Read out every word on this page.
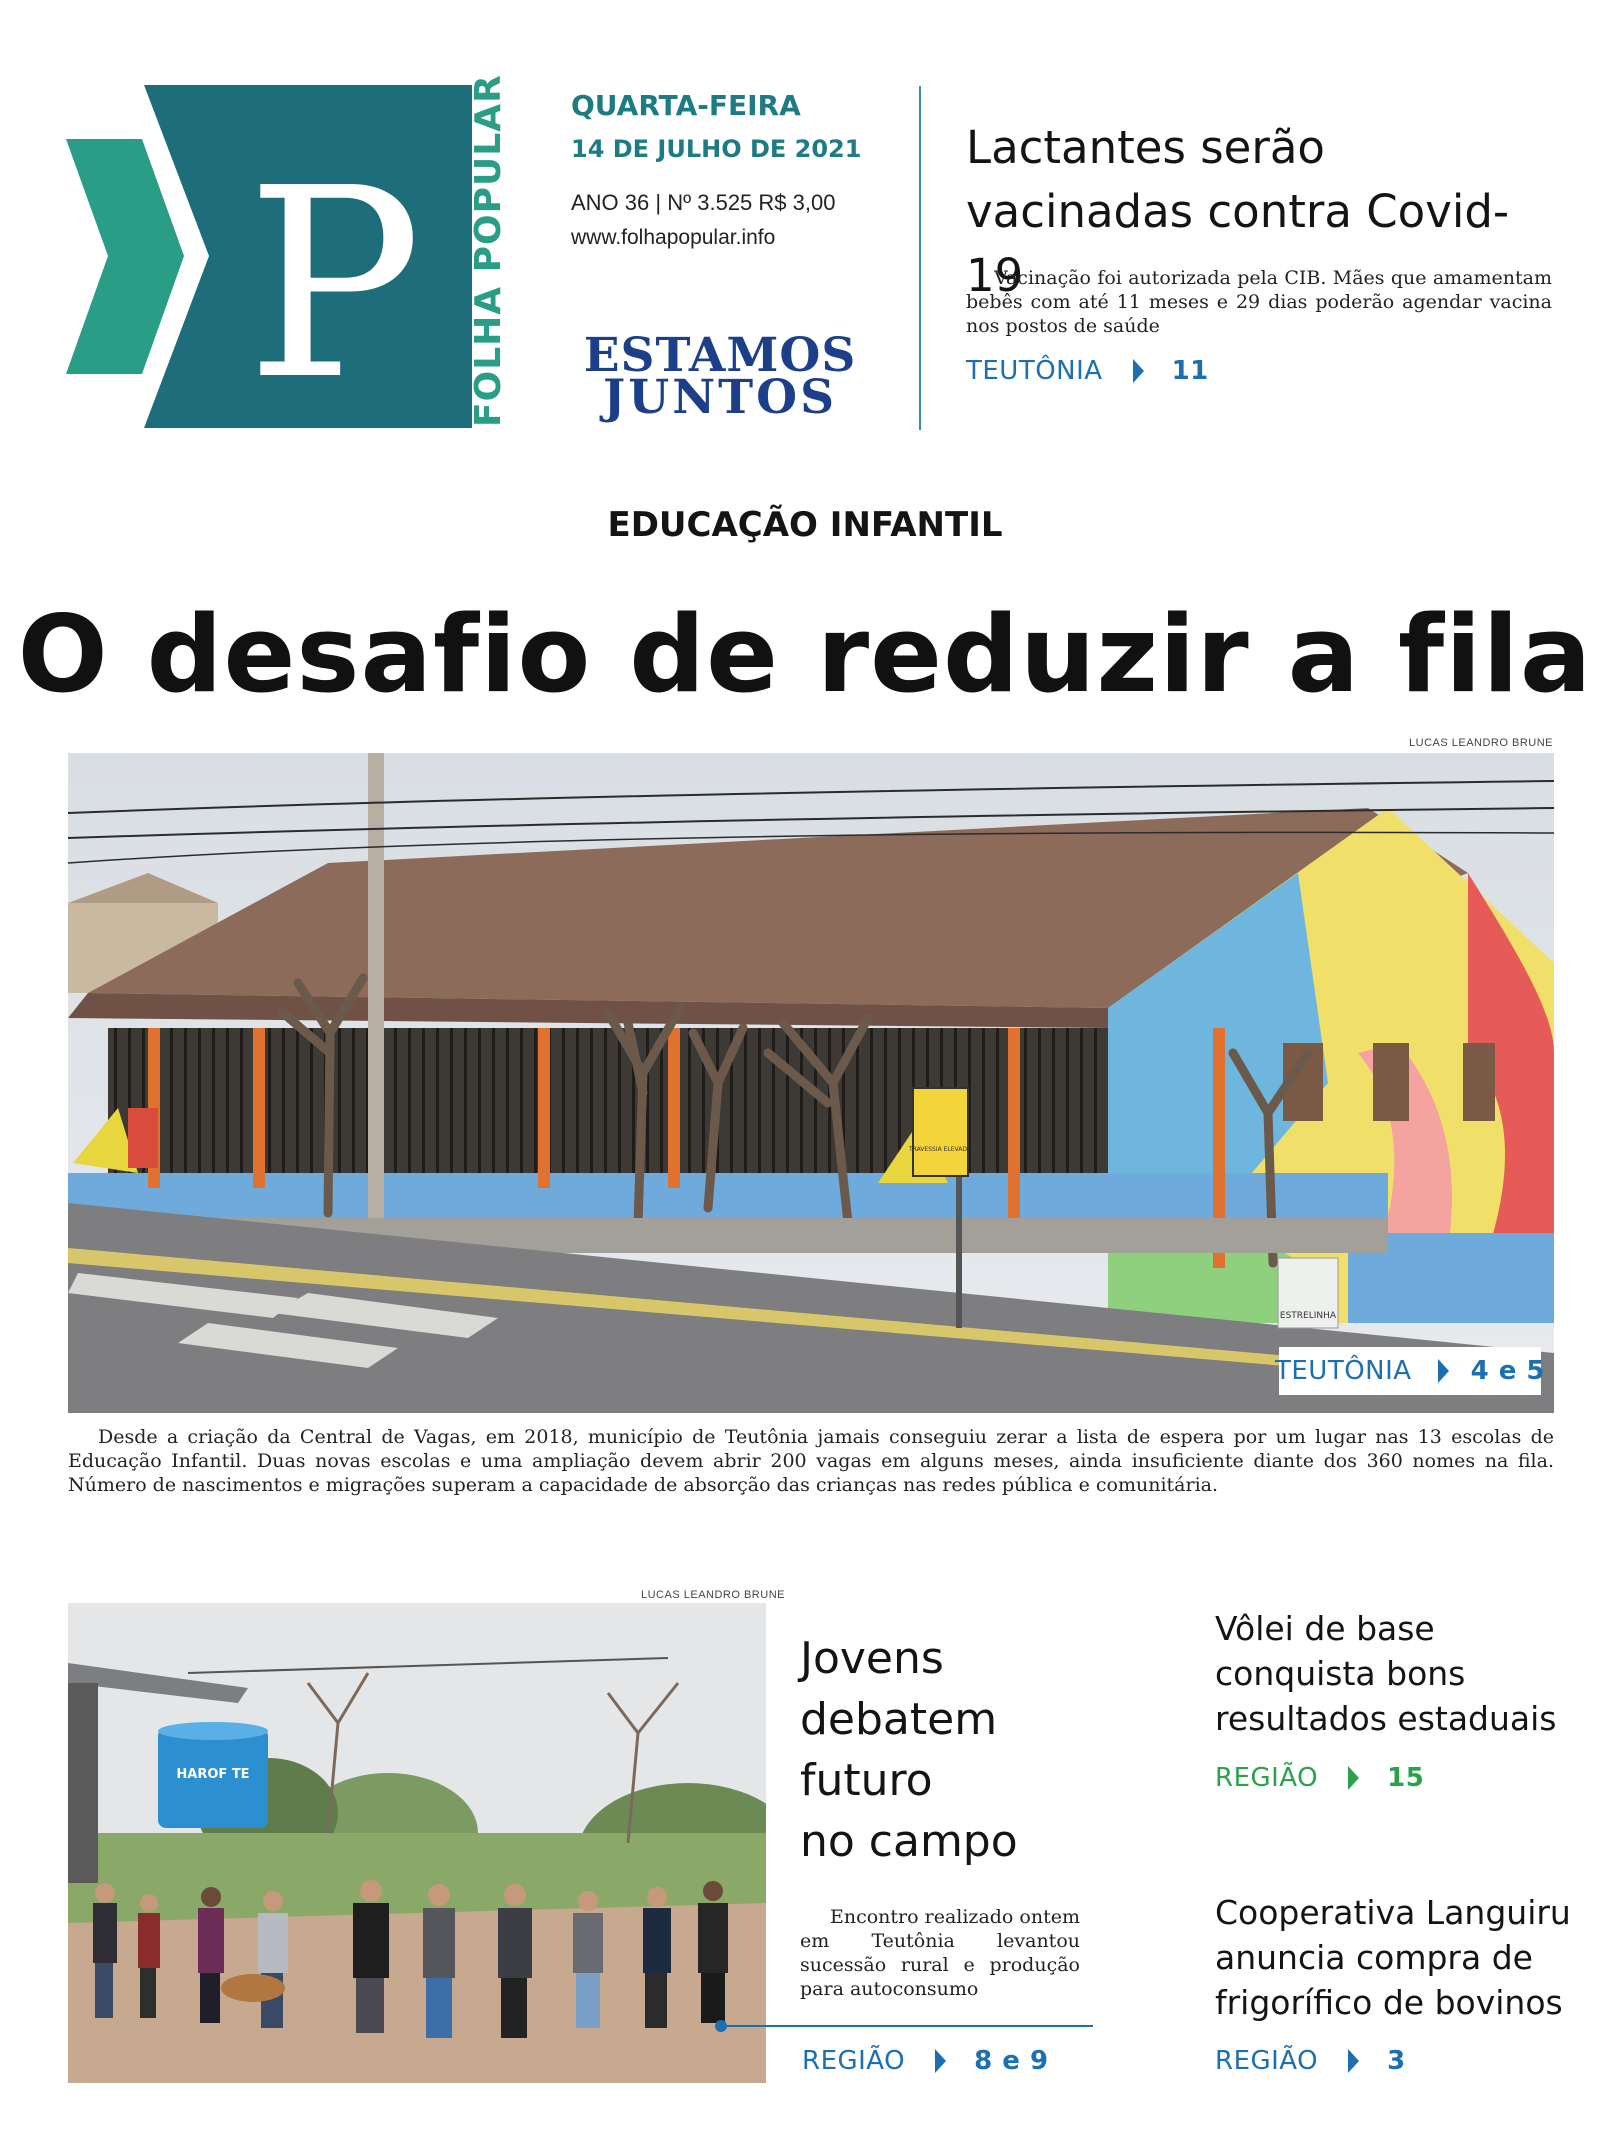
P FOLHA POPULAR	QUARTA-FEIRA
14 DE JULHO DE 2021
ANO 36 | Nº 3.525 R$ 3,00
www.folhapopular.info
ESTAMOS
JUNTOS
Lactantes serão
vacinadas contra Covid-19
Vacinação foi autorizada pela CIB. Mães que amamentam bebês com até 11 meses e 29 dias poderão agendar vacina nos postos de saúde
TEUTÔNIA	11
EDUCAÇÃO INFANTIL
O desafio de reduzir a fila
LUCAS LEANDRO BRUNE
TRAVESSIA ELEVADA
ESTRELINHA
TEUTÔNIA 4 e 5
Desde a criação da Central de Vagas, em 2018, município de Teutônia jamais conseguiu zerar a lista de espera por um lugar nas 13 escolas de Educação Infantil. Duas novas escolas e uma ampliação devem abrir 200 vagas em alguns meses, ainda insuficiente diante dos 360 nomes na fila. Número de nascimentos e migrações superam a capacidade de absorção das crianças nas redes pública e comunitária.
LUCAS LEANDRO BRUNE
HAROF TE
Jovens
debatem
futuro
no campo
Encontro realizado ontem em Teutônia levantou sucessão rural e produção para autoconsumo
REGIÃO	8 e 9
Vôlei de base
conquista bons
resultados estaduais
REGIÃO	15
Cooperativa Languiru
anuncia compra de
frigorífico de bovinos
REGIÃO	3
